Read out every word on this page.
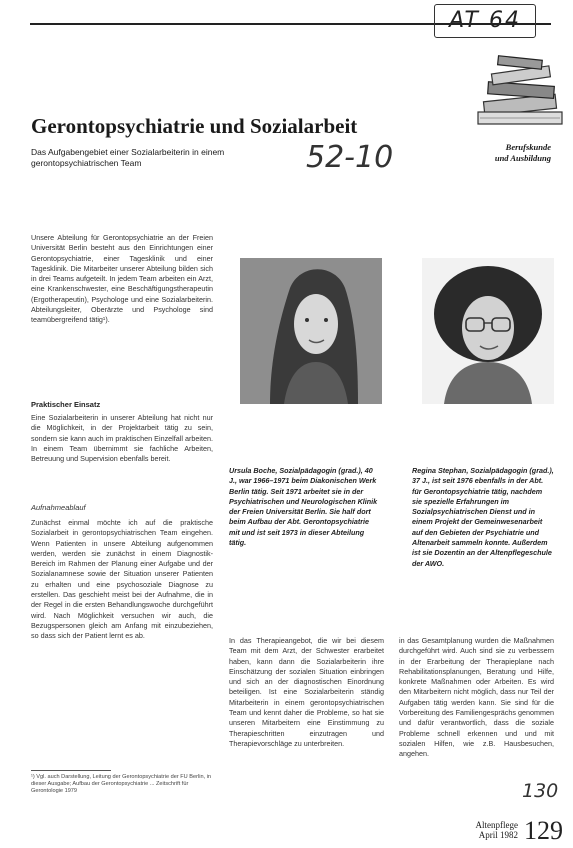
AT 64
Gerontopsychiatrie und Sozialarbeit
Das Aufgabengebiet einer Sozialarbeiterin in einem gerontopsychiatrischen Team	52-10	Berufskunde
und Ausbildung
Unsere Abteilung für Gerontopsychiatrie an der Freien Universität Berlin besteht aus den Einrichtungen einer Gerontopsychiatrie, einer Tagesklinik und einer Tagesklinik. Die Mitarbeiter unserer Abteilung bilden sich in drei Teams aufgeteilt. In jedem Team arbeiten ein Arzt, eine Krankenschwester, eine Beschäftigungstherapeutin (Ergotherapeutin), Psychologe und eine Sozialarbeiterin. Abteilungsleiter, Oberärzte und Psychologe sind teamübergreifend tätig¹).
Praktischer Einsatz
Eine Sozialarbeiterin in unserer Abteilung hat nicht nur die Möglichkeit, in der Projektarbeit tätig zu sein, sondern sie kann auch im praktischen Einzelfall arbeiten. In einem Team übernimmt sie fachliche Arbeiten, Betreuung und Supervision ebenfalls bereit.
Aufnahmeablauf
Zunächst einmal möchte ich auf die praktische Sozialarbeit in gerontopsychiatrischen Team eingehen. Wenn Patienten in unsere Abteilung aufgenommen werden, werden sie zunächst in einem Diagnostik-Bereich im Rahmen der Planung einer Aufgabe und der Sozialanamnese sowie der Situation unserer Patienten zu erhalten und eine psychosoziale Diagnose zu erstellen. Das geschieht meist bei der Aufnahme, die in der Regel in die ersten Behandlungswoche durchgeführt wird. Nach Möglichkeit versuchen wir auch, die Bezugspersonen gleich am Anfang mit einzubeziehen, so dass sich der Patient lernt es ab.
¹) Vgl. auch Darstellung, Leitung der Gerontopsychiatrie der FU Berlin, in dieser Ausgabe; Aufbau der Gerontopsychiatrie ... Zeitschrift für Gerontologie 1979
Ursula Boche, Sozialpädagogin (grad.), 40 J., war 1966–1971 beim Diakonischen Werk Berlin tätig. Seit 1971 arbeitet sie in der Psychiatrischen und Neurologischen Klinik der Freien Universität Berlin. Sie half dort beim Aufbau der Abt. Gerontopsychiatrie mit und ist seit 1973 in dieser Abteilung tätig.
Regina Stephan, Sozialpädagogin (grad.), 37 J., ist seit 1976 ebenfalls in der Abt. für Gerontopsychiatrie tätig, nachdem sie spezielle Erfahrungen im Sozialpsychiatrischen Dienst und in einem Projekt der Gemeinwesenarbeit auf den Gebieten der Psychiatrie und Altenarbeit sammeln konnte. Außerdem ist sie Dozentin an der Altenpflegeschule der AWO.
In das Therapieangebot, die wir bei diesem Team mit dem Arzt, der Schwester erarbeitet haben, kann dann die Sozialarbeiterin ihre Einschätzung der sozialen Situation einbringen und sich an der diagnostischen Einordnung beteiligen. Ist eine Sozialarbeiterin ständig Mitarbeiterin in einem gerontopsychiatrischen Team und kennt daher die Probleme, so hat sie unseren Mitarbeitern eine Einstimmung zu Therapieschritten einzutragen und Therapievorschläge zu unterbreiten.
in das Gesamtplanung wurden die Maßnahmen durchgeführt wird. Auch sind sie zu verbessern in der Erarbeitung der Therapieplane nach Rehabilitationsplanungen, Beratung und Hilfe, konkrete Maßnahmen oder Arbeiten. Es wird den Mitarbeitern nicht möglich, dass nur Teil der Aufgaben tätig werden kann. Sie sind für die Vorbereitung des Familiengesprächs genommen und dafür verantwortlich, dass die soziale Probleme schnell erkennen und und mit sozialen Hilfen, wie z.B. Hausbesuchen, angehen.
130
Altenpflege
April 1982 129
